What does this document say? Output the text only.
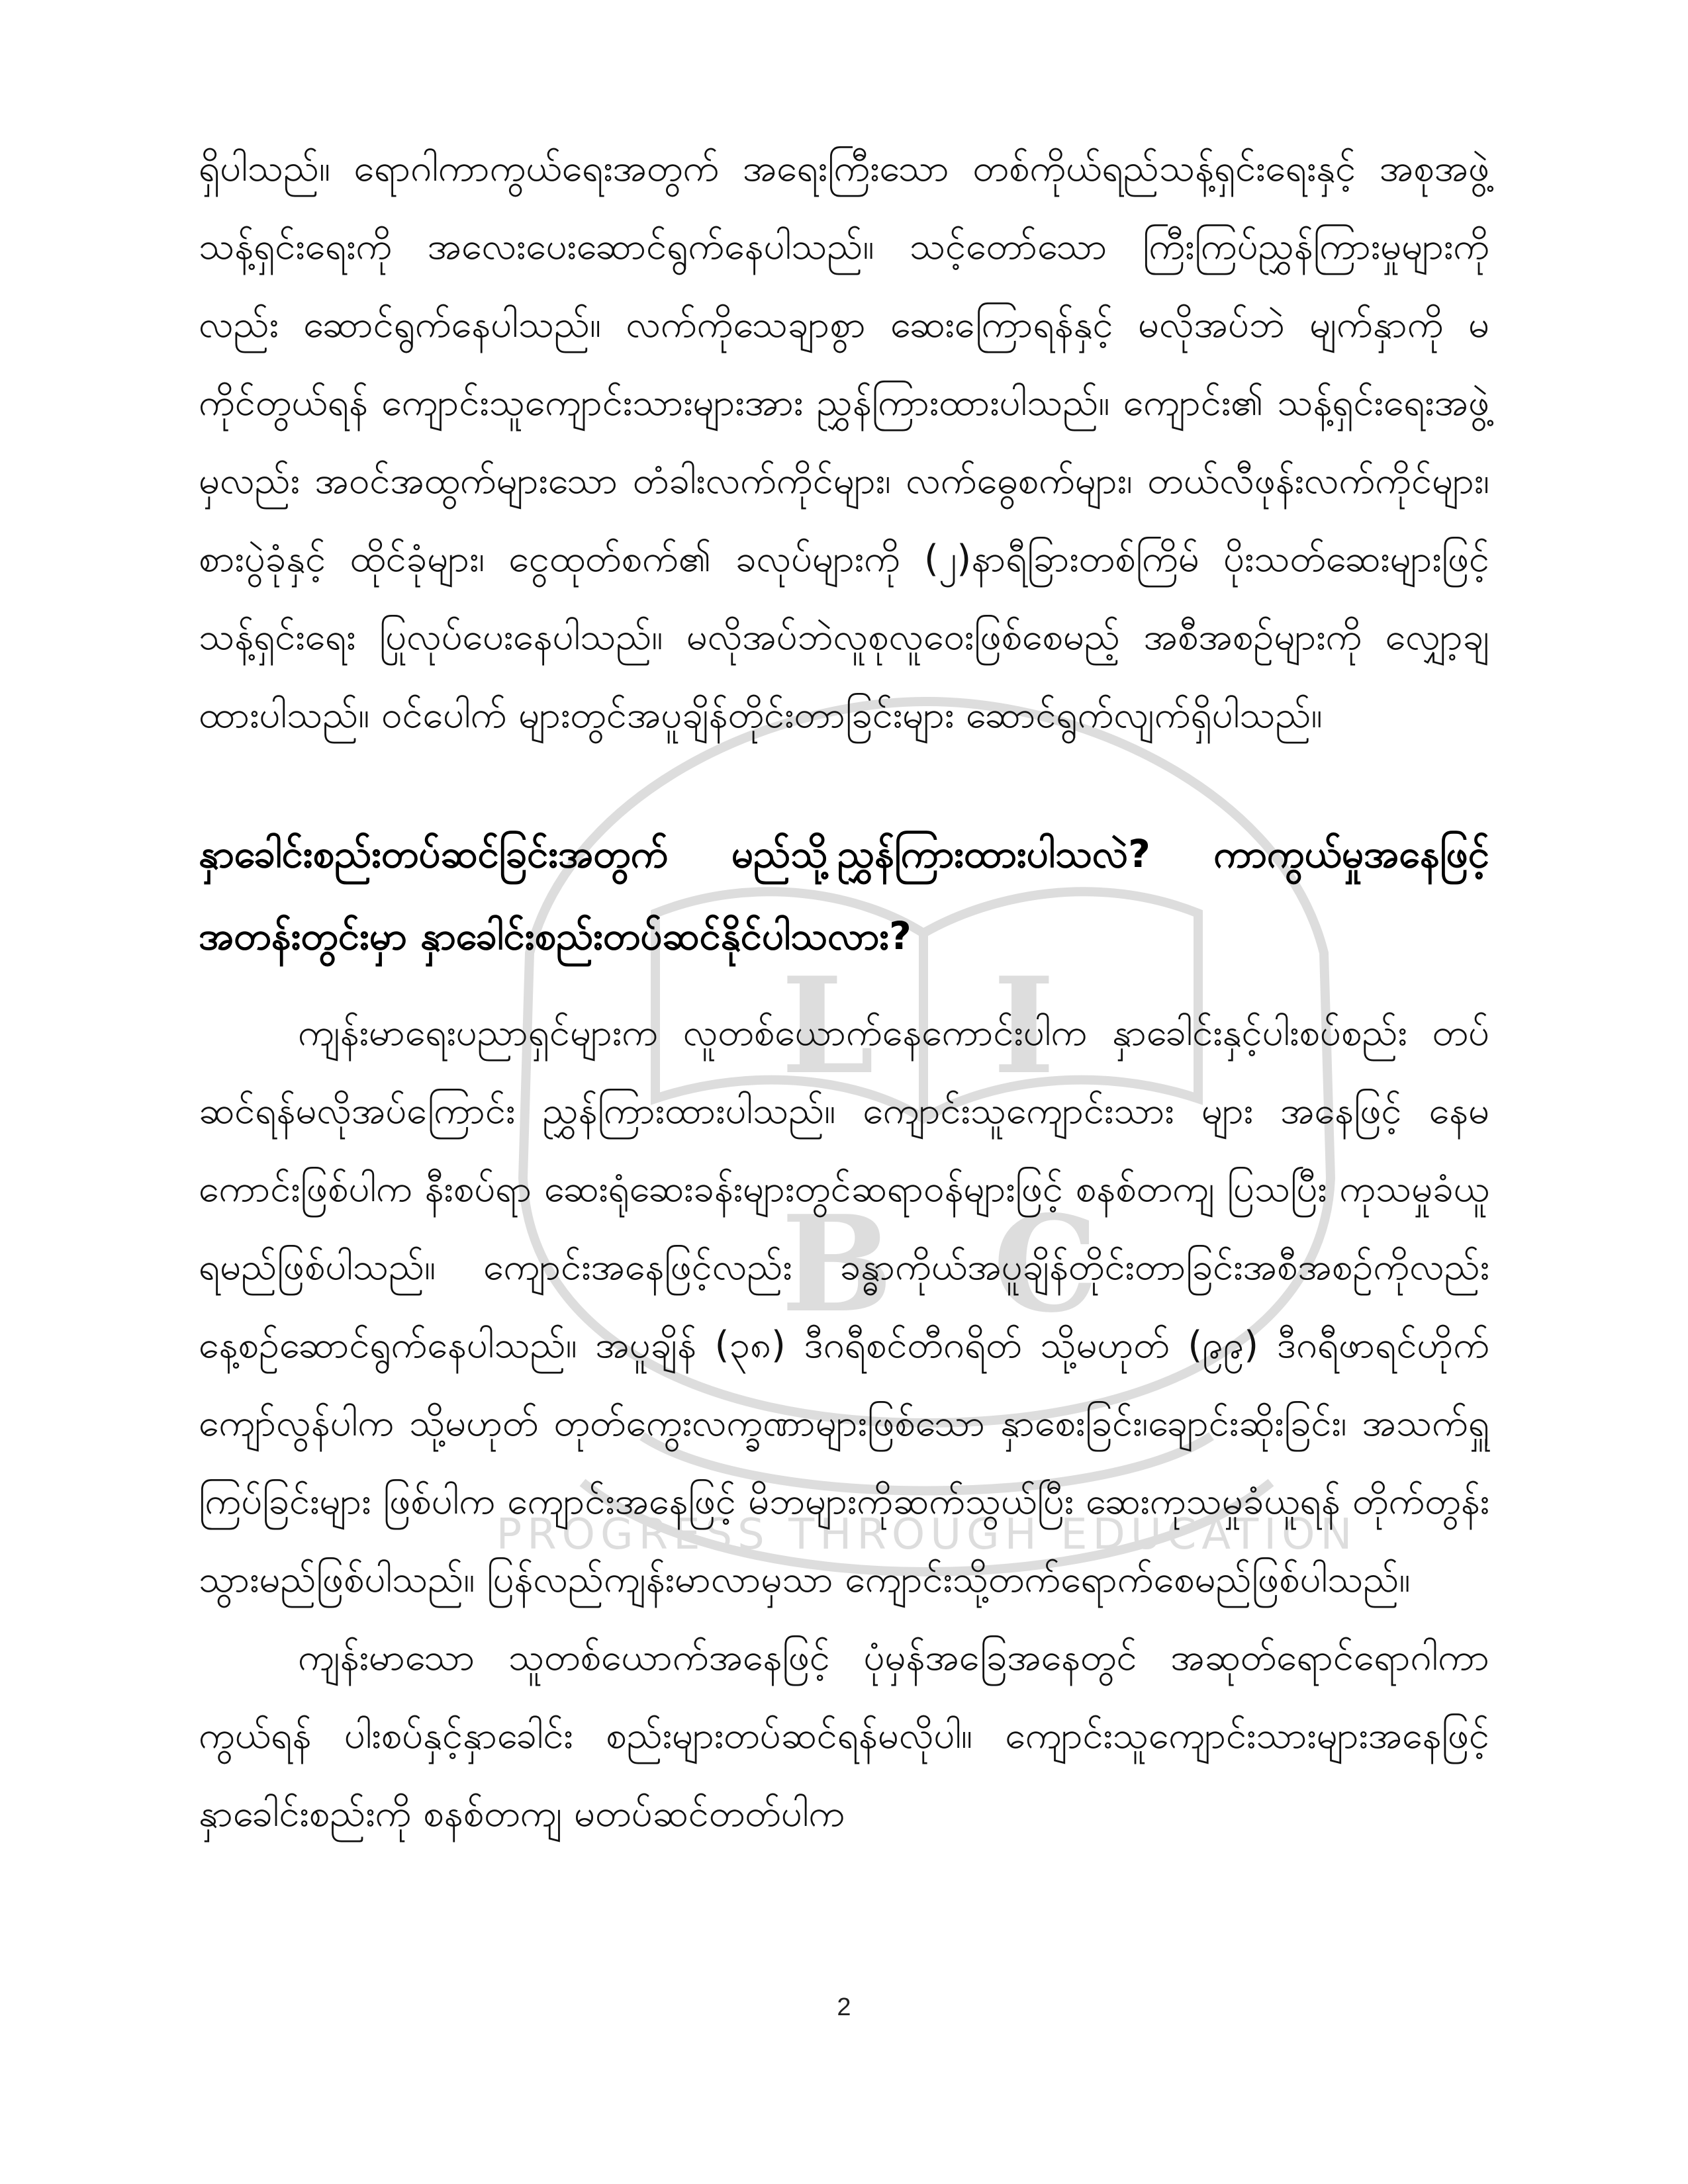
L I
B C
PROGRESS THROUGH EDUCATION

ရှိပါသည်။ ရောဂါကာကွယ်ရေးအတွက် အရေးကြီးသော တစ်ကိုယ်ရည်သန့်ရှင်းရေးနှင့် အစုအဖွဲ့ သန့်ရှင်းရေးကို အလေးပေးဆောင်ရွက်နေပါသည်။ သင့်တော်သော ကြီးကြပ်ညွှန်ကြားမှုများကိုလည်း ဆောင်ရွက်နေပါသည်။ လက်ကိုသေချာစွာ ဆေးကြောရန်နှင့် မလိုအပ်ဘဲ မျက်နှာကို မကိုင်တွယ်ရန် ကျောင်းသူကျောင်းသားများအား ညွှန်ကြားထားပါသည်။ ကျောင်း၏ သန့်ရှင်းရေးအဖွဲ့မှလည်း အဝင်အထွက်များသော တံခါးလက်ကိုင်များ၊ လက်ဓွေစက်များ၊ တယ်လီဖုန်းလက်ကိုင်များ၊ စားပွဲခုံနှင့် ထိုင်ခုံများ၊ ငွေထုတ်စက်၏ ခလုပ်များကို (၂)နာရီခြားတစ်ကြိမ် ပိုးသတ်ဆေးများဖြင့် သန့်ရှင်းရေး ပြုလုပ်ပေးနေပါသည်။ မလိုအပ်ဘဲလူစုလူဝေးဖြစ်စေမည့် အစီအစဉ်များကို လျှော့ချထားပါသည်။ ဝင်ပေါက် များတွင်အပူချိန်တိုင်းတာခြင်းများ ဆောင်ရွက်လျက်ရှိပါသည်။

နှာခေါင်းစည်းတပ်ဆင်ခြင်းအတွက် မည်သို့ညွှန်ကြားထားပါသလဲ? ကာကွယ်မှုအနေဖြင့် အတန်းတွင်းမှာ နှာခေါင်းစည်းတပ်ဆင်နိုင်ပါသလား?

ကျန်းမာရေးပညာရှင်များက လူတစ်ယောက်နေကောင်းပါက နှာခေါင်းနှင့်ပါးစပ်စည်း တပ်ဆင်ရန်မလိုအပ်ကြောင်း ညွှန်ကြားထားပါသည်။ ကျောင်းသူကျောင်းသား များ အနေဖြင့် နေမကောင်းဖြစ်ပါက နီးစပ်ရာ ဆေးရုံဆေးခန်းများတွင်ဆရာဝန်များဖြင့် စနစ်တကျ ပြသပြီး ကုသမှုခံယူရမည်ဖြစ်ပါသည်။ ကျောင်းအနေဖြင့်လည်း ခန္ဓာကိုယ်အပူချိန်တိုင်းတာခြင်းအစီအစဉ်ကိုလည်း နေ့စဉ်ဆောင်ရွက်နေပါသည်။ အပူချိန် (၃၈) ဒီဂရီစင်တီဂရိတ် သို့မဟုတ် (၉၉) ဒီဂရီဖာရင်ဟိုက်ကျော်လွန်ပါက သို့မဟုတ် တုတ်ကွေးလက္ခဏာများဖြစ်သော နှာစေးခြင်း၊ချောင်းဆိုးခြင်း၊ အသက်ရှူကြပ်ခြင်းများ ဖြစ်ပါက ကျောင်းအနေဖြင့် မိဘများကိုဆက်သွယ်ပြီး ဆေးကုသမှုခံယူရန် တိုက်တွန်းသွားမည်ဖြစ်ပါသည်။ ပြန်လည်ကျန်းမာလာမှသာ ကျောင်းသို့တက်ရောက်စေမည်ဖြစ်ပါသည်။

ကျန်းမာသော သူတစ်ယောက်အနေဖြင့် ပုံမှန်အခြေအနေတွင် အဆုတ်ရောင်ရောဂါကာကွယ်ရန် ပါးစပ်နှင့်နှာခေါင်း စည်းများတပ်ဆင်ရန်မလိုပါ။ ကျောင်းသူကျောင်းသားများအနေဖြင့် နှာခေါင်းစည်းကို စနစ်တကျ မတပ်ဆင်တတ်ပါက

2
